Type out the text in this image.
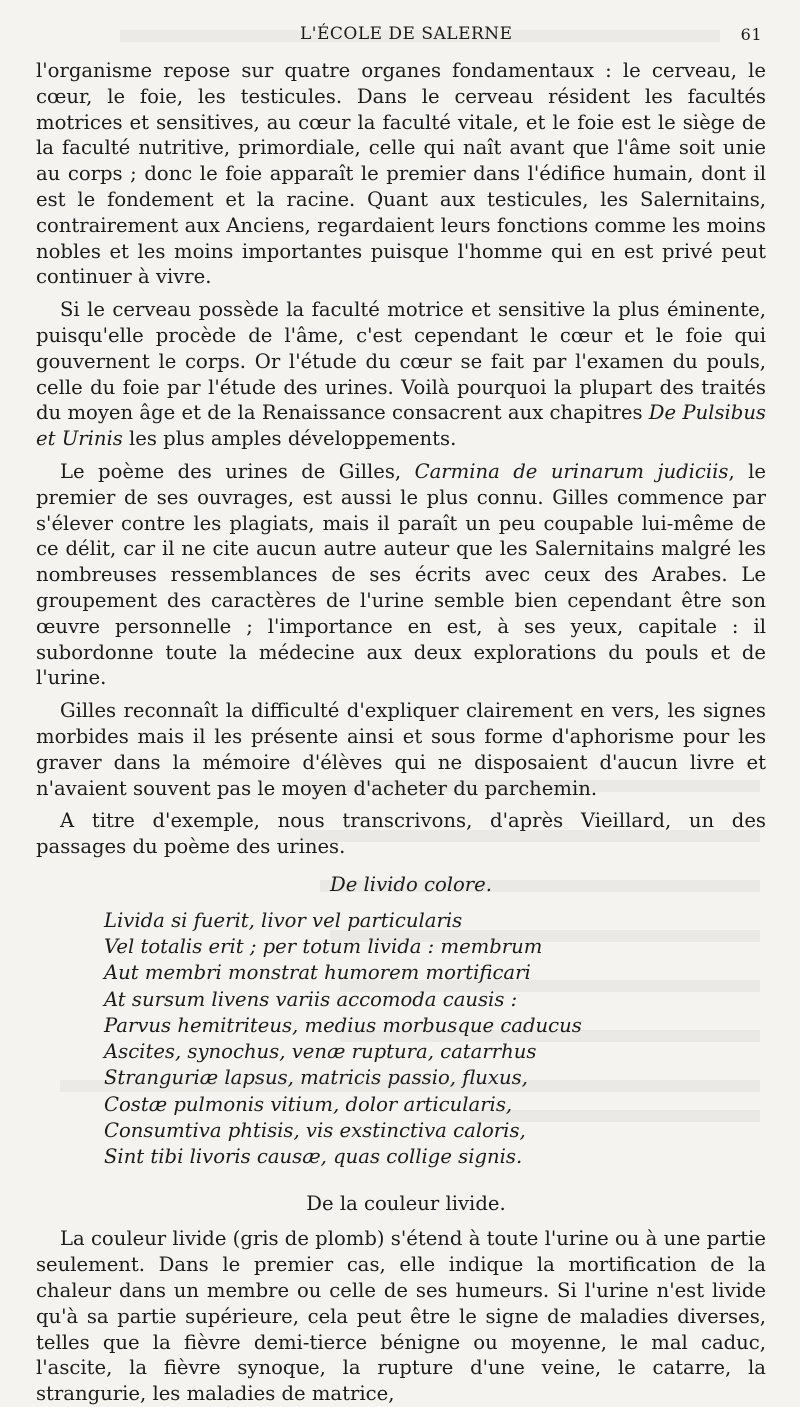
L'ÉCOLE DE SALERNE	61

l'organisme repose sur quatre organes fondamentaux : le cerveau, le cœur, le foie, les testicules. Dans le cerveau résident les facultés motrices et sensitives, au cœur la faculté vitale, et le foie est le siège de la faculté nutritive, primordiale, celle qui naît avant que l'âme soit unie au corps ; donc le foie apparaît le premier dans l'édifice humain, dont il est le fondement et la racine. Quant aux testicules, les Salernitains, contrairement aux Anciens, regardaient leurs fonctions comme les moins nobles et les moins importantes puisque l'homme qui en est privé peut continuer à vivre.

Si le cerveau possède la faculté motrice et sensitive la plus éminente, puisqu'elle procède de l'âme, c'est cependant le cœur et le foie qui gouvernent le corps. Or l'étude du cœur se fait par l'examen du pouls, celle du foie par l'étude des urines. Voilà pourquoi la plupart des traités du moyen âge et de la Renaissance consacrent aux chapitres De Pulsibus et Urinis les plus amples développements.

Le poème des urines de Gilles, Carmina de urinarum judiciis, le premier de ses ouvrages, est aussi le plus connu. Gilles commence par s'élever contre les plagiats, mais il paraît un peu coupable lui-même de ce délit, car il ne cite aucun autre auteur que les Salernitains malgré les nombreuses ressemblances de ses écrits avec ceux des Arabes. Le groupement des caractères de l'urine semble bien cependant être son œuvre personnelle ; l'importance en est, à ses yeux, capitale : il subordonne toute la médecine aux deux explorations du pouls et de l'urine.

Gilles reconnaît la difficulté d'expliquer clairement en vers, les signes morbides mais il les présente ainsi et sous forme d'aphorisme pour les graver dans la mémoire d'élèves qui ne disposaient d'aucun livre et n'avaient souvent pas le moyen d'acheter du parchemin.

A titre d'exemple, nous transcrivons, d'après Vieillard, un des passages du poème des urines.

De livido colore.
Livida si fuerit, livor vel particularis
Vel totalis erit ; per totum livida : membrum
Aut membri monstrat humorem mortificari
At sursum livens variis accomoda causis :
Parvus hemitriteus, medius morbusque caducus
Ascites, synochus, venæ ruptura, catarrhus
Stranguriæ lapsus, matricis passio, fluxus,
Costæ pulmonis vitium, dolor articularis,
Consumtiva phtisis, vis exstinctiva caloris,
Sint tibi livoris causæ, quas collige signis.
De la couleur livide.

La couleur livide (gris de plomb) s'étend à toute l'urine ou à une partie seulement. Dans le premier cas, elle indique la mortification de la chaleur dans un membre ou celle de ses humeurs. Si l'urine n'est livide qu'à sa partie supérieure, cela peut être le signe de maladies diverses, telles que la fièvre demi-tierce bénigne ou moyenne, le mal caduc, l'ascite, la fièvre synoque, la rupture d'une veine, le catarre, la strangurie, les maladies de matrice,
